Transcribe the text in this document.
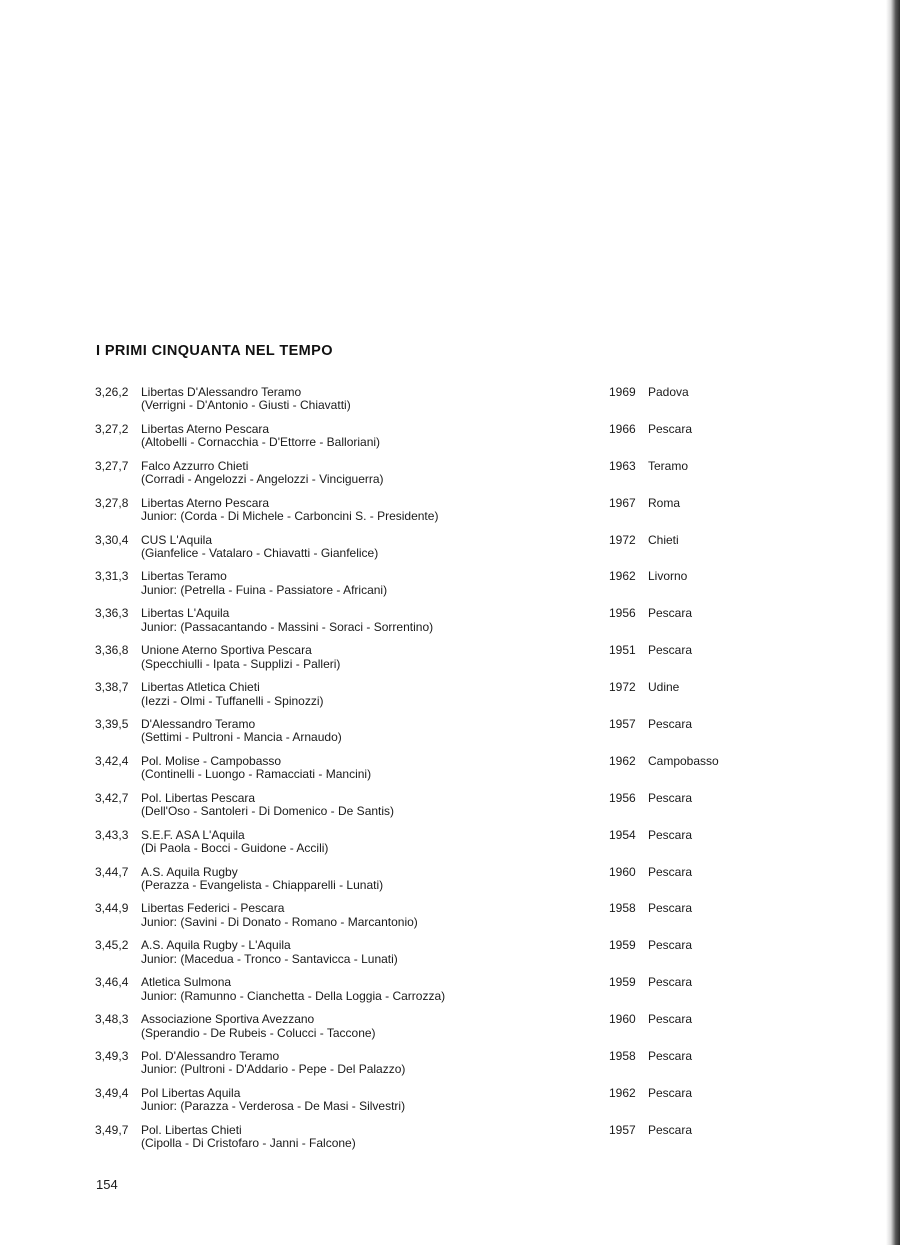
I PRIMI CINQUANTA NEL TEMPO
3,26,2 Libertas D'Alessandro Teramo
(Verrigni - D'Antonio - Giusti - Chiavatti)
1969 Padova
3,27,2 Libertas Aterno Pescara
(Altobelli - Cornacchia - D'Ettorre - Balloriani)
1966 Pescara
3,27,7 Falco Azzurro Chieti
(Corradi - Angelozzi - Angelozzi - Vinciguerra)
1963 Teramo
3,27,8 Libertas Aterno Pescara
Junior: (Corda - Di Michele - Carboncini S. - Presidente)
1967 Roma
3,30,4 CUS L'Aquila
(Gianfelice - Vatalaro - Chiavatti - Gianfelice)
1972 Chieti
3,31,3 Libertas Teramo
Junior: (Petrella - Fuina - Passiatore - Africani)
1962 Livorno
3,36,3 Libertas L'Aquila
Junior: (Passacantando - Massini - Soraci - Sorrentino)
1956 Pescara
3,36,8 Unione Aterno Sportiva Pescara
(Specchiulli - Ipata - Supplizi - Palleri)
1951 Pescara
3,38,7 Libertas Atletica Chieti
(Iezzi - Olmi - Tuffanelli - Spinozzi)
1972 Udine
3,39,5 D'Alessandro Teramo
(Settimi - Pultroni - Mancia - Arnaudo)
1957 Pescara
3,42,4 Pol. Molise - Campobasso
(Continelli - Luongo - Ramacciati - Mancini)
1962 Campobasso
3,42,7 Pol. Libertas Pescara
(Dell'Oso - Santoleri - Di Domenico - De Santis)
1956 Pescara
3,43,3 S.E.F. ASA L'Aquila
(Di Paola - Bocci - Guidone - Accili)
1954 Pescara
3,44,7 A.S. Aquila Rugby
(Perazza - Evangelista - Chiapparelli - Lunati)
1960 Pescara
3,44,9 Libertas Federici - Pescara
Junior: (Savini - Di Donato - Romano - Marcantonio)
1958 Pescara
3,45,2 A.S. Aquila Rugby - L'Aquila
Junior: (Macedua - Tronco - Santavicca - Lunati)
1959 Pescara
3,46,4 Atletica Sulmona
Junior: (Ramunno - Cianchetta - Della Loggia - Carrozza)
1959 Pescara
3,48,3 Associazione Sportiva Avezzano
(Sperandio - De Rubeis - Colucci - Taccone)
1960 Pescara
3,49,3 Pol. D'Alessandro Teramo
Junior: (Pultroni - D'Addario - Pepe - Del Palazzo)
1958 Pescara
3,49,4 Pol Libertas Aquila
Junior: (Parazza - Verderosa - De Masi - Silvestri)
1962 Pescara
3,49,7 Pol. Libertas Chieti
(Cipolla - Di Cristofaro - Janni - Falcone)
1957 Pescara
154
